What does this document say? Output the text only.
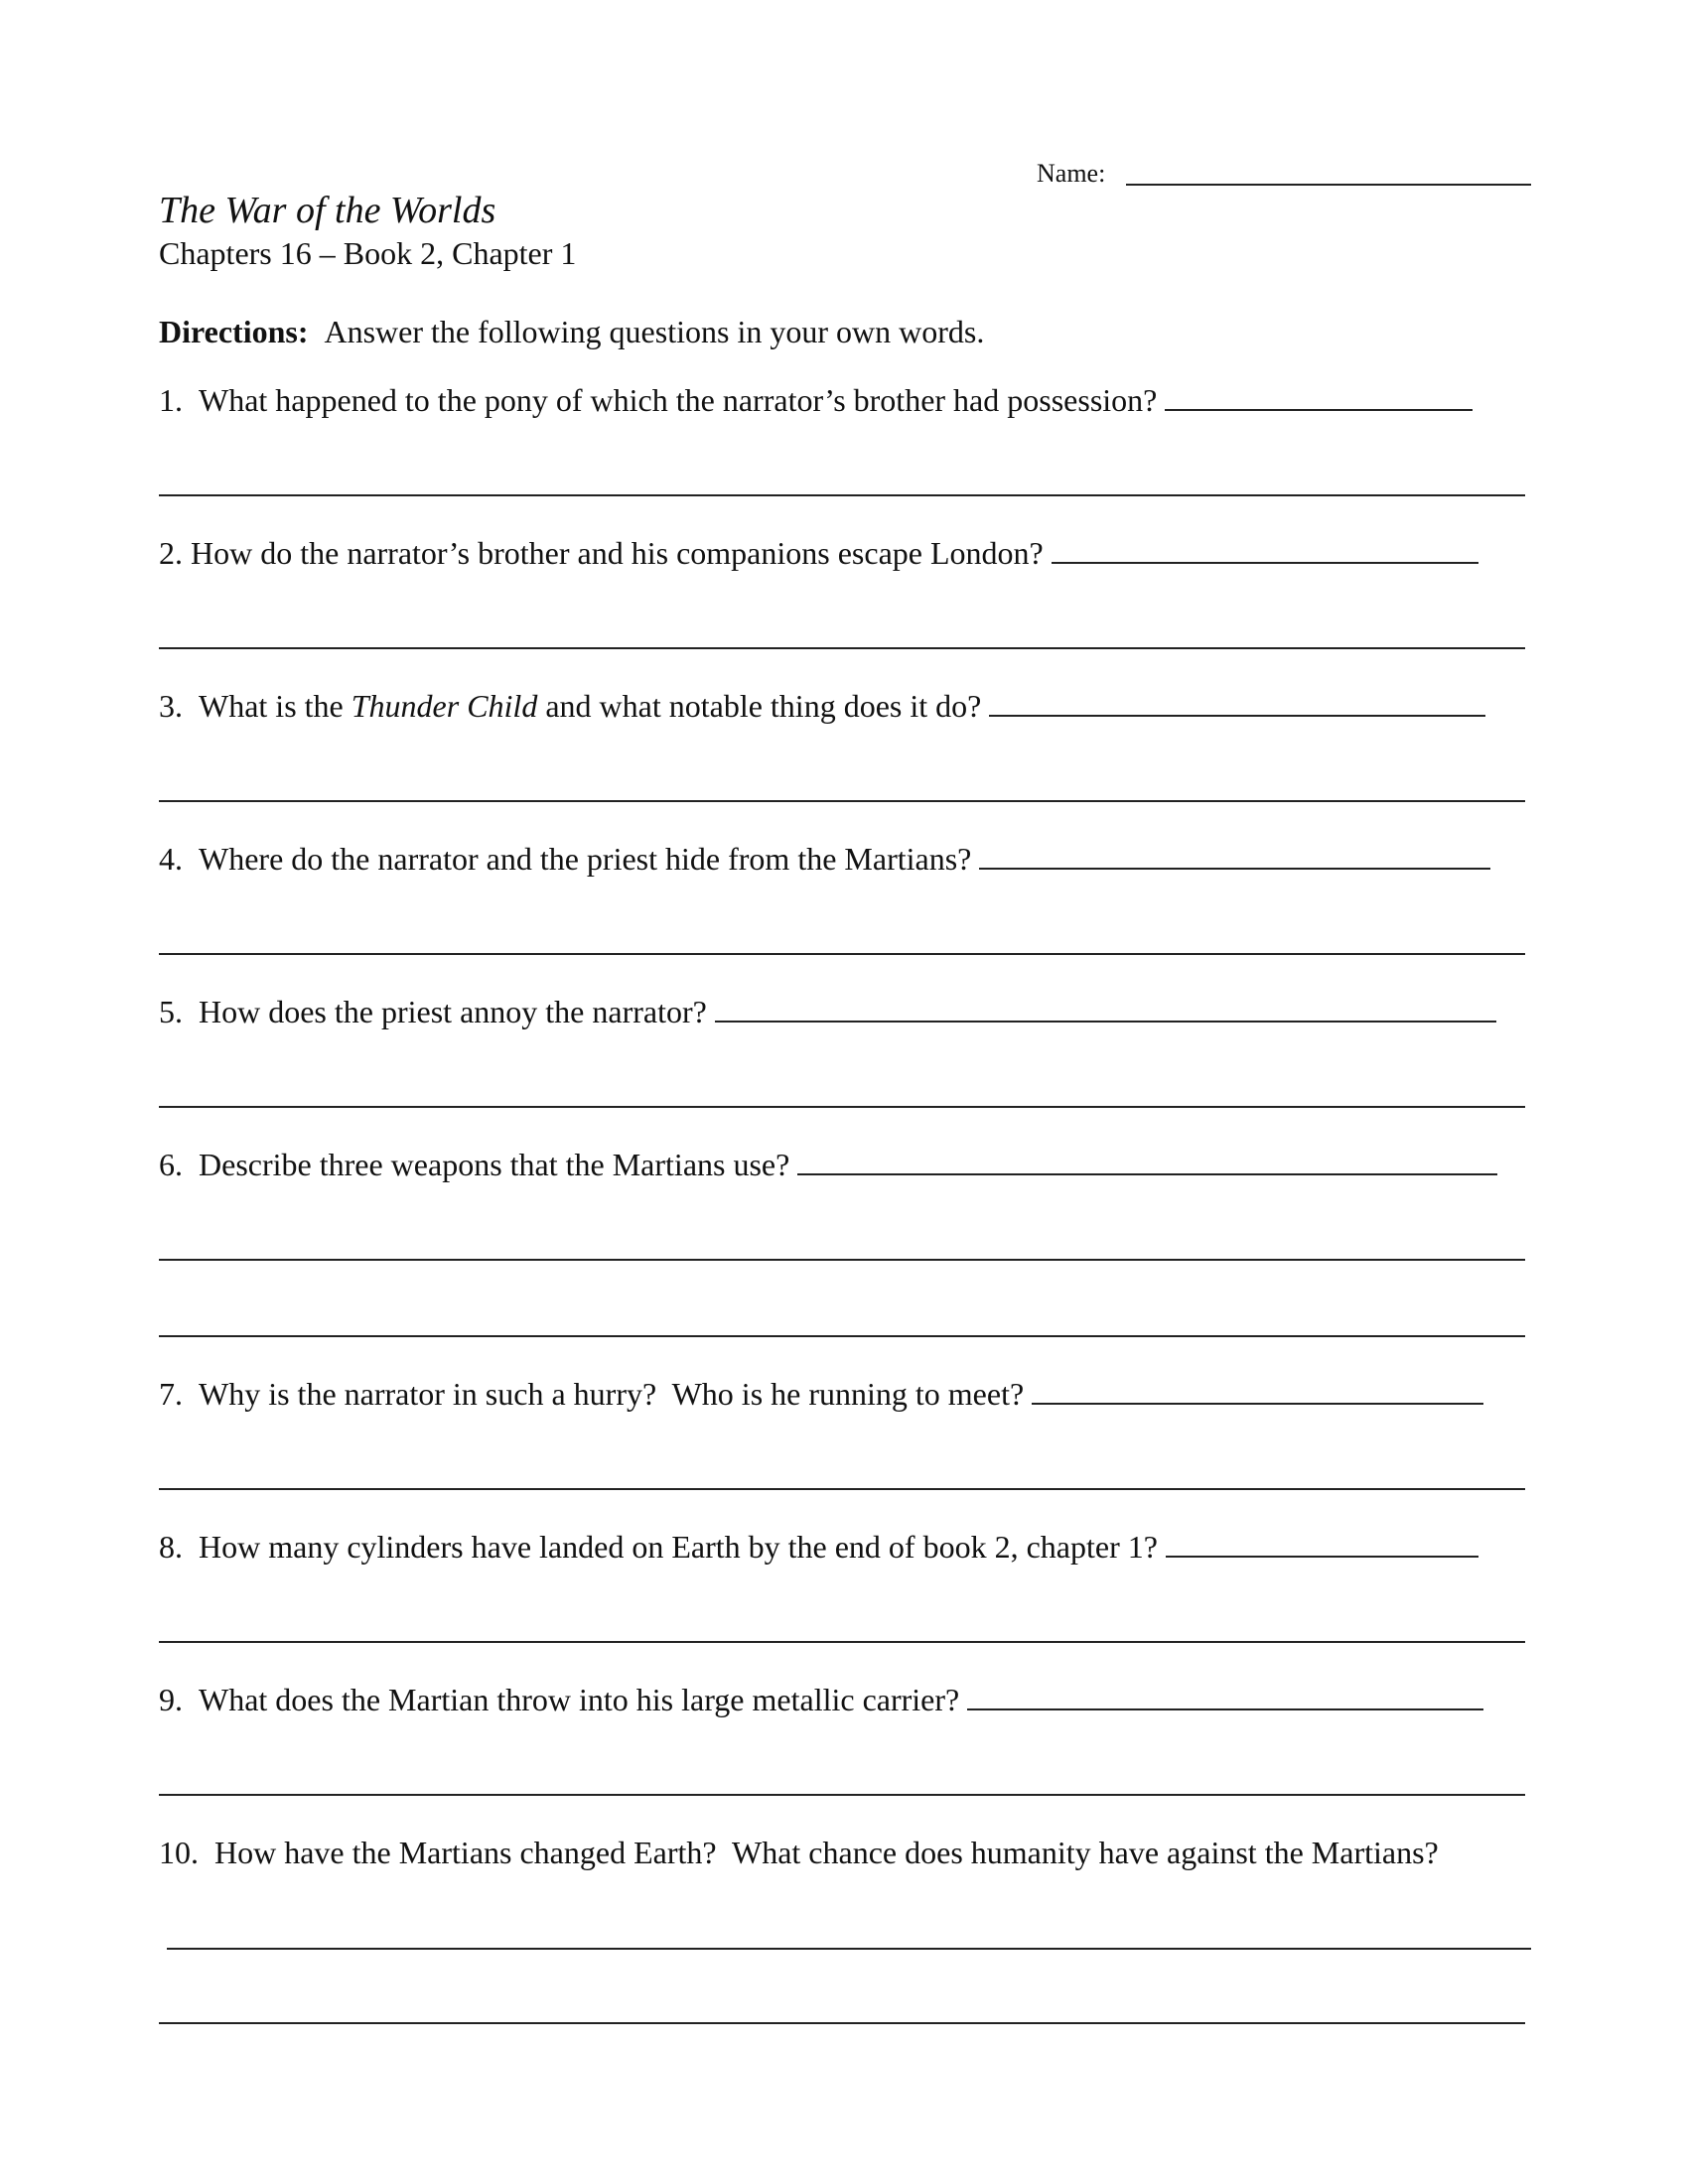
Name:
The War of the Worlds
Chapters 16 – Book 2, Chapter 1
Directions: Answer the following questions in your own words.
1.
What happened to the pony of which the narrator’s brother had possession?
2.
How do the narrator’s brother and his companions escape London?
3.
What is the Thunder Child and what notable thing does it do?
4.
Where do the narrator and the priest hide from the Martians?
5.
How does the priest annoy the narrator?
6.
Describe three weapons that the Martians use?
7.
Why is the narrator in such a hurry?  Who is he running to meet?
8.
How many cylinders have landed on Earth by the end of book 2, chapter 1?
9.
What does the Martian throw into his large metallic carrier?
10.
How have the Martians changed Earth?  What chance does humanity have against the Martians?
